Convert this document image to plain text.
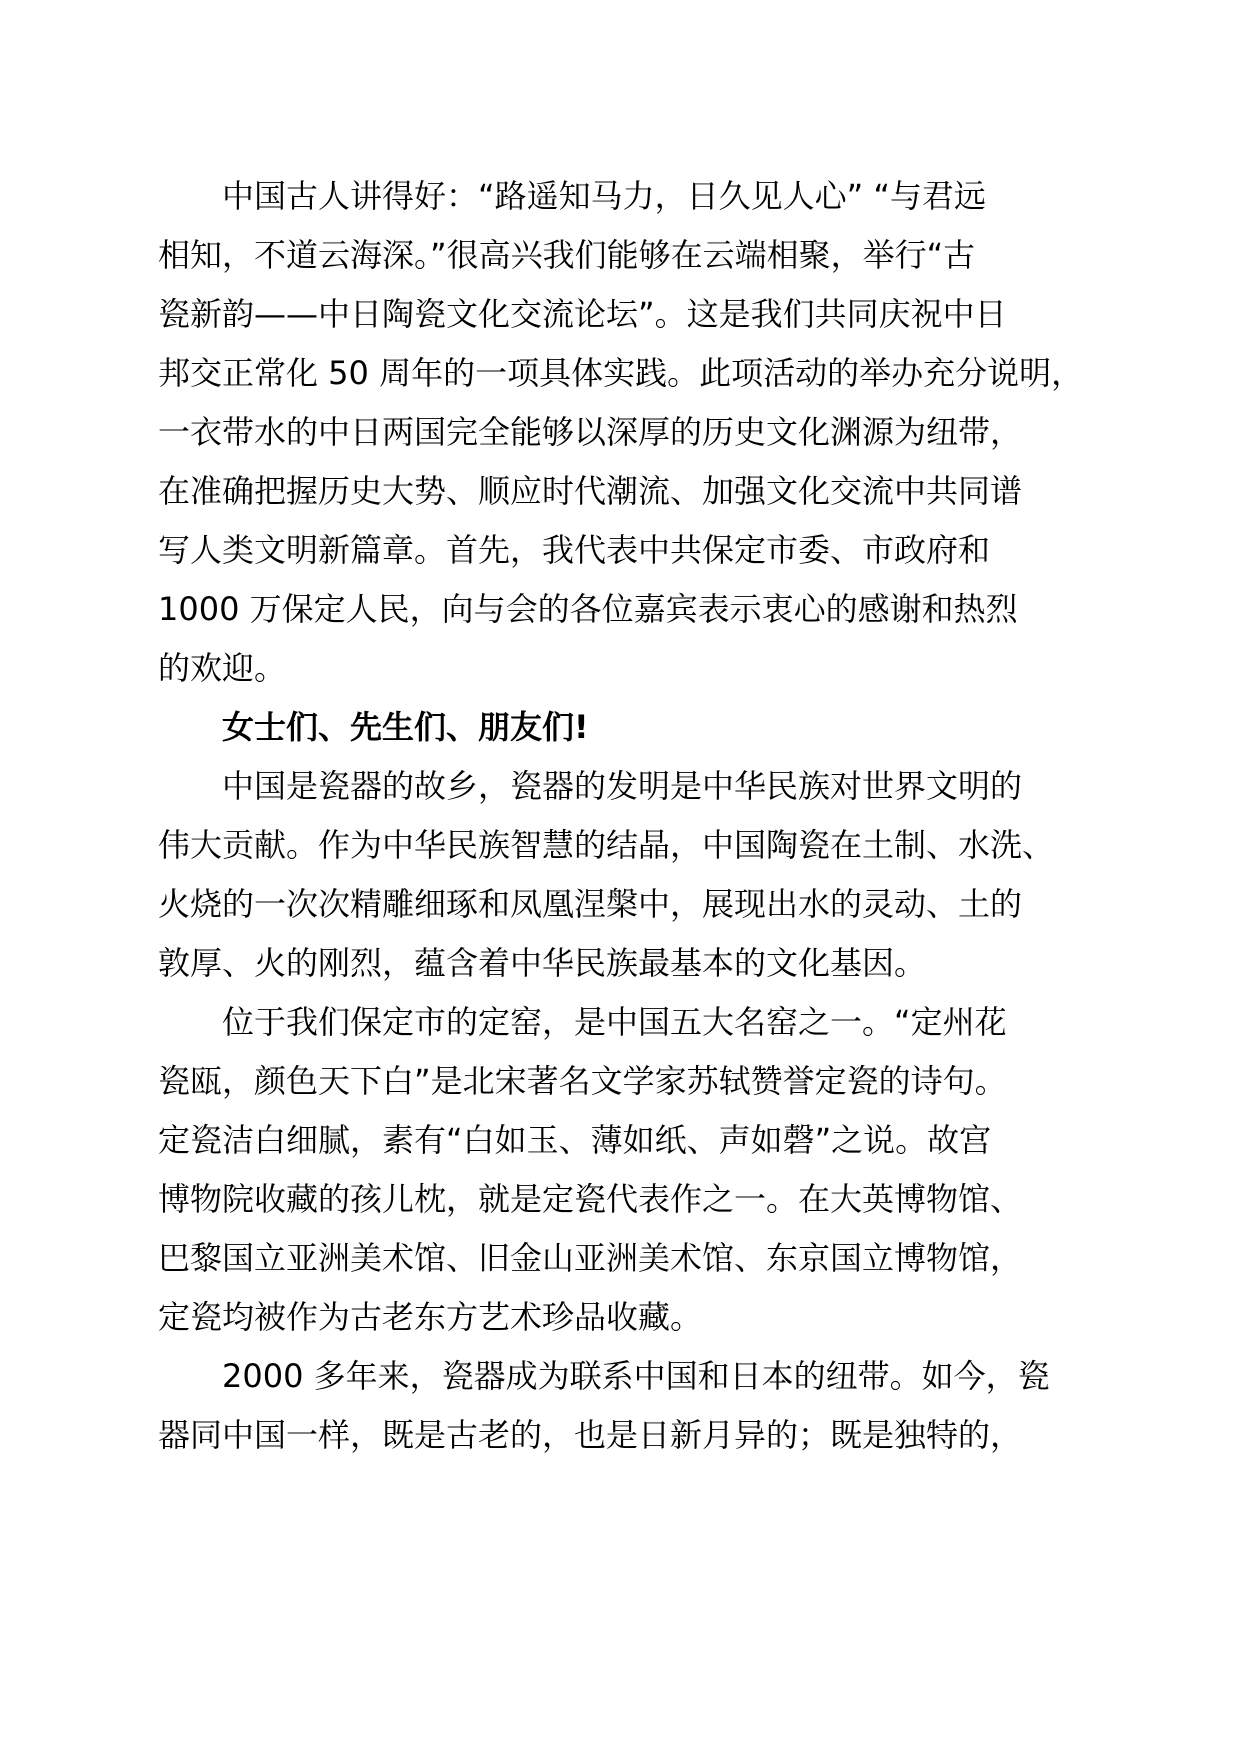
中国古人讲得好：“路遥知马力，日久见人心” “与君远

相知，不道云海深。”很高兴我们能够在云端相聚，举行“古

瓷新韵——中日陶瓷文化交流论坛”。这是我们共同庆祝中日

邦交正常化 50 周年的一项具体实践。此项活动的举办充分说明，

一衣带水的中日两国完全能够以深厚的历史文化渊源为纽带，

在准确把握历史大势、顺应时代潮流、加强文化交流中共同谱

写人类文明新篇章。首先，我代表中共保定市委、市政府和

1000 万保定人民，向与会的各位嘉宾表示衷心的感谢和热烈

的欢迎。

女士们、先生们、朋友们!

中国是瓷器的故乡，瓷器的发明是中华民族对世界文明的

伟大贡献。作为中华民族智慧的结晶，中国陶瓷在土制、水洗、

火烧的一次次精雕细琢和凤凰涅槃中，展现出水的灵动、土的

敦厚、火的刚烈，蕴含着中华民族最基本的文化基因。

位于我们保定市的定窑，是中国五大名窑之一。“定州花

瓷瓯，颜色天下白”是北宋著名文学家苏轼赞誉定瓷的诗句。

定瓷洁白细腻，素有“白如玉、薄如纸、声如磬”之说。故宫

博物院收藏的孩儿枕，就是定瓷代表作之一。在大英博物馆、

巴黎国立亚洲美术馆、旧金山亚洲美术馆、东京国立博物馆，

定瓷均被作为古老东方艺术珍品收藏。

2000 多年来，瓷器成为联系中国和日本的纽带。如今，瓷

器同中国一样，既是古老的，也是日新月异的；既是独特的，
